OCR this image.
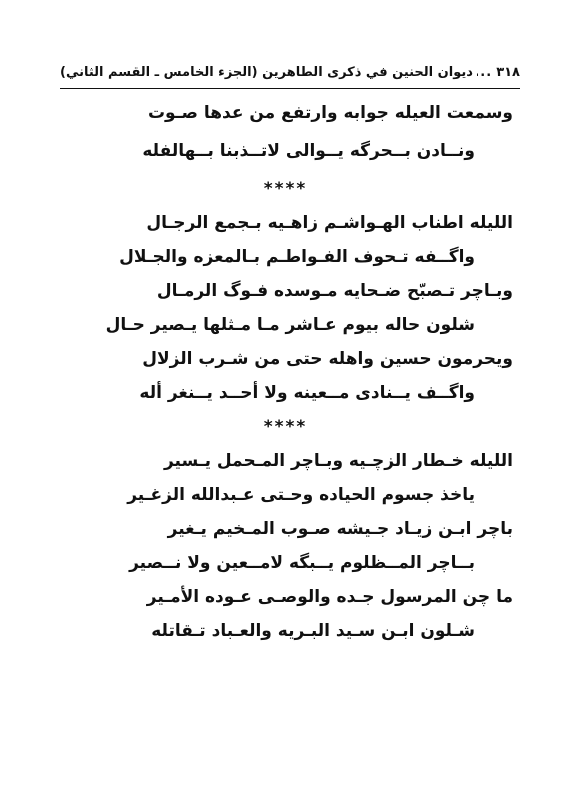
٣١٨
.....
ديوان الحنين في ذكرى الطاهرين (الجزء الخامس ـ القسم الثاني)
وسمعت العيله جوابه وارتفع من عدها صـوت
ونــادن بــحرگه يــوالى لاتــذبنا بــهالفله
****
الليله اطناب الهـواشـم زاهـيه بـجمع الرجـال
واگــفه تـحوف الفـواطـم بـالمعزه والجـلال
وبـاچر تـصبّح ضـحايه مـوسده فـوگ الرمـال
شلون حاله بيوم عـاشر مـا مـثلها يـصير حـال
ويحرمون حسين واهله حتى من شـرب الزلال
واگــف يــنادى مــعينه ولا أحــد يــنغر أله
****
الليله خـطار الزچـيه وبـاچر المـحمل يـسير
ياخذ جسوم الحياده وحـتى عـبدالله الزغـير
باچر ابـن زيـاد جـيشه صـوب المـخيم يـغير
بــاچر المــظلوم يــبگه لامــعين ولا نــصير
ما چن المرسول جـده والوصـى عـوده الأمـير
شـلون ابـن سـيد البـريه والعـباد تـقاتله
